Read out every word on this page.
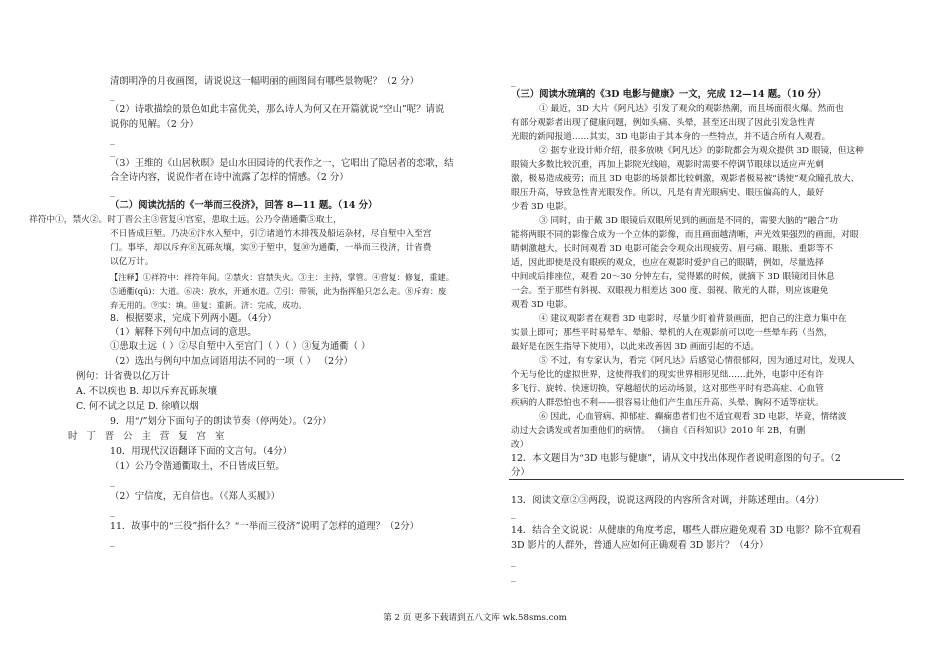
清朗明净的月夜画图，请说说这一幅明丽的画图间有哪些景物呢？（2 分）
_
（2）诗歌描绘的景色如此丰富优美，那么诗人为何又在开篇就说“空山”呢？请说
说你的见解。（2 分）
_
_
（3）王维的《山居秋暝》是山水田园诗的代表作之一，它唱出了隐居者的恋歌，结
合全诗内容，说说作者在诗中流露了怎样的情感。（2 分）
_
（二）阅读沈括的《一举而三役济》，回答 8—11 题。（14 分）
祥符中①，禁火②。时丁晋公主③营复④宫室，患取土远。公乃令凿通衢⑤取土，
不日皆成巨堑。乃决⑥汴水入堑中，引⑦诸道竹木排筏及船运杂材，尽自堑中入至宫
门。事毕，却以斥弃⑧瓦砾灰壤，实⑨于堑中，复⑩为通衢，一举而三役济，计省费
以亿万计。
【注释】①祥符中：祥符年间。②禁火：宫禁失火。③主：主持，掌管。④营复：修复，重建。
⑤通衢(qú)：大道。⑥决：放水，开通水道。⑦引：带领，此为指挥船只怎么走。⑧斥弃：废
弃无用的。⑨实：填。⑩复：重新。济：完成，成功。
8．根据要求，完成下列两小题。（4分）
（1）解释下列句中加点词的意思。
①患取土远（ ）②尽自堑中入至宫门（ ）（ ）③复为通衢（ ）
（2）选出与例句中加点词语用法不同的一项（ ） （2分）
例句：计省费以亿万计
A. 不以疾也 B. 却以斥弃瓦砾灰壤
C. 何不试之以足 D. 徐噴以烟
9．用“/”划分下面句子的朗读节奏（停两处）。（2分）
时丁晋公主营复宫室
10．用现代汉语翻译下面的文言句。（4分）
（1）公乃令凿通衢取土，不日皆成巨堑。
_
（2）宁信度，无自信也。（《郑人买履》）
_
11．故事中的“三役”指什么？“一举而三役济”说明了怎样的道理？（2分）
_
_
（三）阅读水琉璃的《3D 电影与健康》一文，完成 12—14 题。（10 分）
① 最近，3D 大片《阿凡达》引发了观众的观影热潮，而且场面很火爆。然而也
有部分观影者出现了健康问题，例如头痛、头晕，甚至还出现了因此引发急性青
光眼的新闻报道……其实，3D 电影由于其本身的一些特点，并不适合所有人观看。
② 据专业设计师介绍，很多放映《阿凡达》的影院都会为观众提供 3D 眼镜，但这种
眼镜大多数比较沉重，再加上影院光线暗，观影时需要不停调节眼球以适应声光刺
激，极易造成疲劳；而且 3D 电影的场景都比较刺激，观影者极易被“诱使”观众瞳孔放大、
眼压升高，导致急性青光眼发作。所以，凡是有青光眼病史、眼压偏高的人，最好
少看 3D 电影。
③ 同时，由于戴 3D 眼镜后双眼所见到的画面是不同的，需要大脑的“融合”功
能将两眼不同的影像合成为一个立体的影像，而且画面越清晰，声光效果强烈的画面，对眼
睛刺激越大，长时间观看 3D 电影可能会令观众出现疲劳、眉弓痛、眼胀、重影等不
适，因此即使是没有眼疾的观众，也应在观影时爱护自己的眼睛，例如，尽量选择
中间或后排座位，观看 20～30 分钟左右，觉得累的时候，就摘下 3D 眼镜闭目休息
一会。至于那些有斜视、双眼视力相差达 300 度、弱视、散光的人群，则应该避免
观看 3D 电影。
④ 建议观影者在观看 3D 电影时，尽量少盯着背景画面，把自己的注意力集中在
实景上即可；那些平时易晕车、晕船、晕机的人在观影前可以吃一些晕车药（当然，
最好是在医生指导下使用），以此来改善因 3D 画面引起的不适。
⑤ 不过，有专家认为，看完《阿凡达》后感觉心情很郁闷，因为通过对比，发现人
个无与伦比的虚拟世界，这使得我们的现实世界相形见绌……此外，电影中还有许
多飞行、旋转、快速切换，穿越超伏的运动场景，这对那些平时有恐高症、心血管
疾病的人群恐怕也不利——很容易让他们产生血压升高、头晕、胸闷不适等症状。
⑥ 因此，心血管病、抑郁症、癫痫患者们也不适宜观看 3D 电影，毕竟，情绪波
动过大会诱发或者加重他们的病情。 （摘自《百科知识》2010 年 2B，有删
改）
12．本文题目为“3D 电影与健康”，请从文中找出体现作者说明意图的句子。（2
分）
13．阅读文章②③两段，说说这两段的内容所含对调，并陈述理由。（4分）
_
14．结合全文说说：从健康的角度考虑，哪些人群应避免观看 3D 电影？除不宜观看
3D 影片的人群外，普通人应如何正确观看 3D 影片？（4分）
_
_
第 2 页 更多下载请到五八文库 wk.58sms.com
